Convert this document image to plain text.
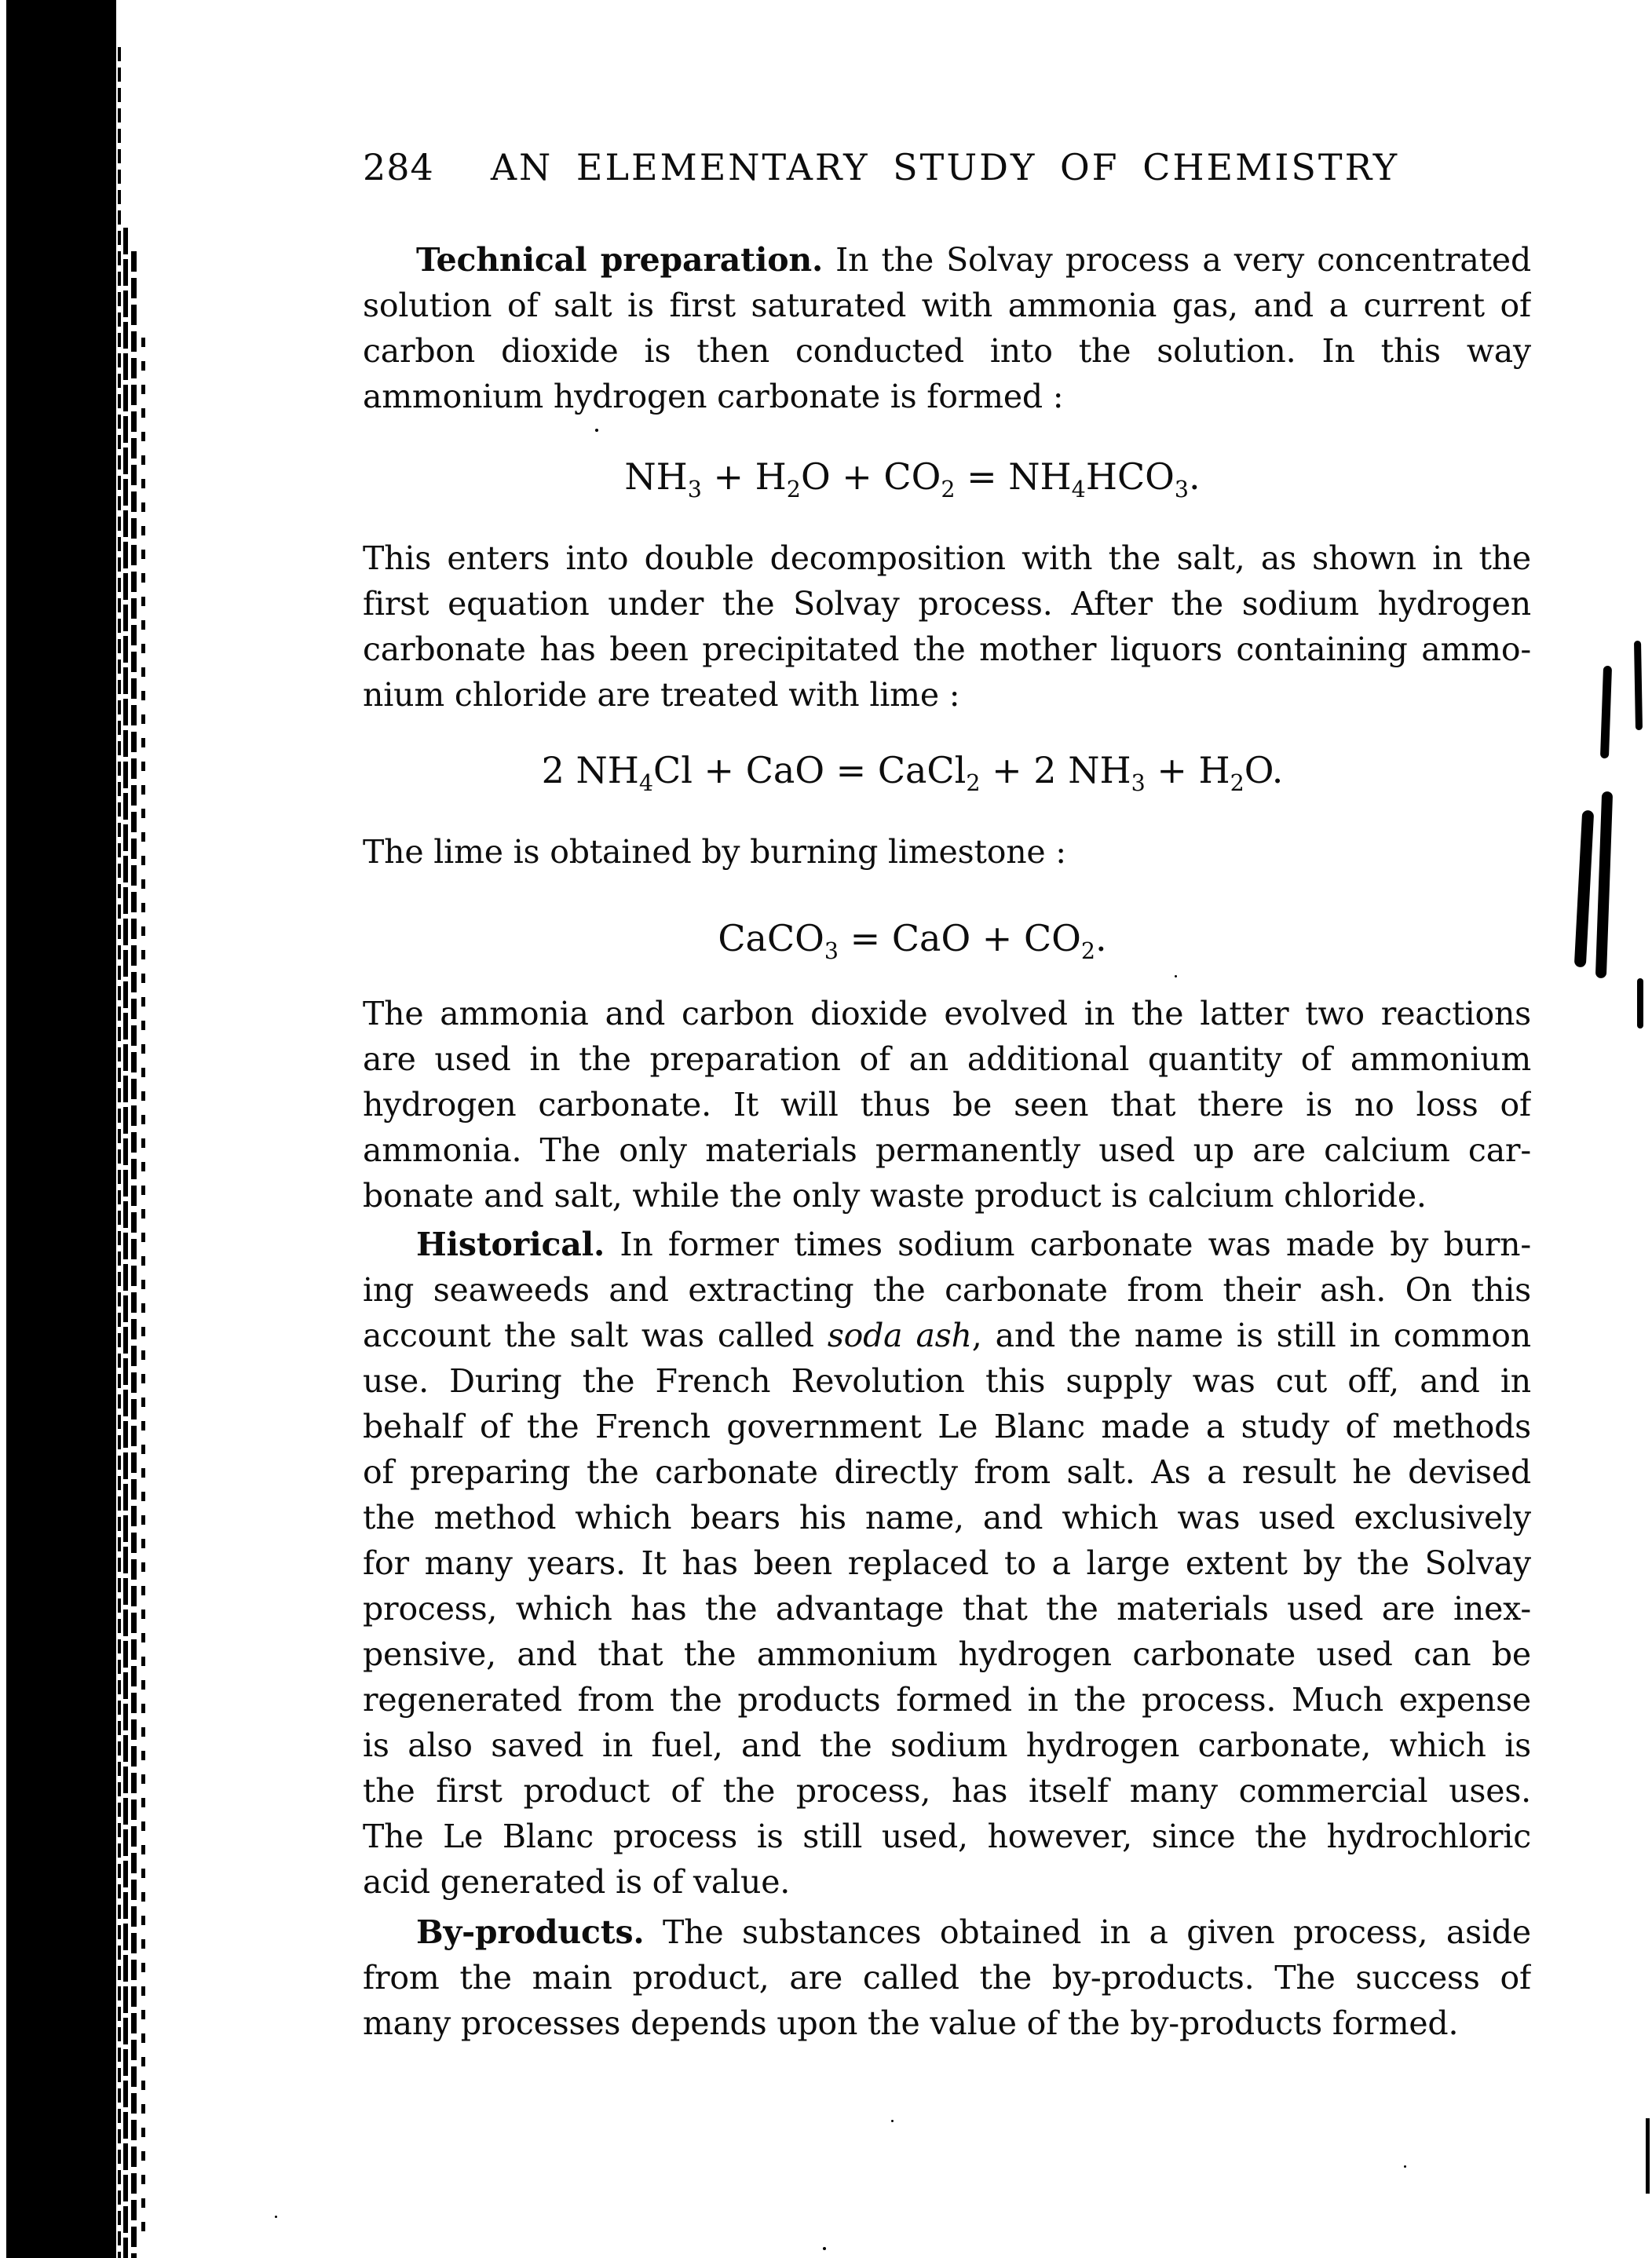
284 AN ELEMENTARY STUDY OF CHEMISTRY
Technical preparation. In the Solvay process a very concentrated
solution of salt is first saturated with ammonia gas, and a current of
carbon dioxide is then conducted into the solution. In this way
ammonium hydrogen carbonate is formed :
$NH_3 + H_2O + CO_2 = NH_4HCO_3$.
This enters into double decomposition with the salt, as shown in the
first equation under the Solvay process. After the sodium hydrogen
carbonate has been precipitated the mother liquors containing ammo-
nium chloride are treated with lime :
2 $NH_4Cl$ + CaO = CaCl$_2$ + 2 $NH_3 + H_2O$.
The lime is obtained by burning limestone :
CaCO$_3$ = CaO + $CO_2$.
The ammonia and carbon dioxide evolved in the latter two reactions
are used in the preparation of an additional quantity of ammonium
hydrogen carbonate. It will thus be seen that there is no loss of
ammonia. The only materials permanently used up are calcium car-
bonate and salt, while the only waste product is calcium chloride.
Historical. In former times sodium carbonate was made by burn-
ing seaweeds and extracting the carbonate from their ash. On this
account the salt was called soda ash, and the name is still in common
use. During the French Revolution this supply was cut off, and in
behalf of the French government Le Blanc made a study of methods
of preparing the carbonate directly from salt. As a result he devised
the method which bears his name, and which was used exclusively
for many years. It has been replaced to a large extent by the Solvay
process, which has the advantage that the materials used are inex-
pensive, and that the ammonium hydrogen carbonate used can be
regenerated from the products formed in the process. Much expense
is also saved in fuel, and the sodium hydrogen carbonate, which is
the first product of the process, has itself many commercial uses.
The Le Blanc process is still used, however, since the hydrochloric
acid generated is of value.
By-products. The substances obtained in a given process, aside
from the main product, are called the by-products. The success of
many processes depends upon the value of the by-products formed.
